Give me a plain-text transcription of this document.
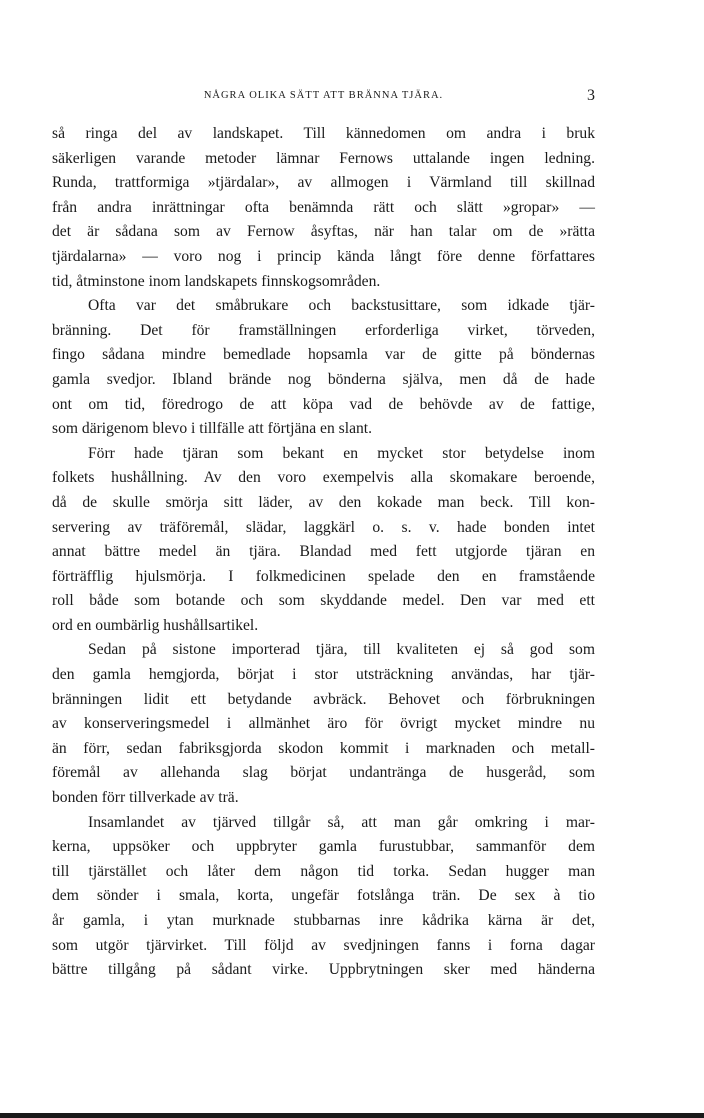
NÅGRA OLIKA SÄTT ATT BRÄNNA TJÄRA.	3
så ringa del av landskapet. Till kännedomen om andra i bruk
säkerligen varande metoder lämnar Fernows uttalande ingen ledning.
Runda, trattformiga »tjärdalar», av allmogen i Värmland till skillnad
från andra inrättningar ofta benämnda rätt och slätt »gropar» —
det är sådana som av Fernow åsyftas, när han talar om de »rätta
tjärdalarna» — voro nog i princip kända långt före denne författares
tid, åtminstone inom landskapets finnskogsområden.
Ofta var det småbrukare och backstusittare, som idkade tjär-
bränning. Det för framställningen erforderliga virket, törveden,
fingo sådana mindre bemedlade hopsamla var de gitte på böndernas
gamla svedjor. Ibland brände nog bönderna själva, men då de hade
ont om tid, föredrogo de att köpa vad de behövde av de fattige,
som därigenom blevo i tillfälle att förtjäna en slant.
Förr hade tjäran som bekant en mycket stor betydelse inom
folkets hushållning. Av den voro exempelvis alla skomakare beroende,
då de skulle smörja sitt läder, av den kokade man beck. Till kon-
servering av träföremål, slädar, laggkärl o. s. v. hade bonden intet
annat bättre medel än tjära. Blandad med fett utgjorde tjäran en
förträfflig hjulsmörja. I folkmedicinen spelade den en framstående
roll både som botande och som skyddande medel. Den var med ett
ord en oumbärlig hushållsartikel.
Sedan på sistone importerad tjära, till kvaliteten ej så god som
den gamla hemgjorda, börjat i stor utsträckning användas, har tjär-
bränningen lidit ett betydande avbräck. Behovet och förbrukningen
av konserveringsmedel i allmänhet äro för övrigt mycket mindre nu
än förr, sedan fabriksgjorda skodon kommit i marknaden och metall-
föremål av allehanda slag börjat undantränga de husgeråd, som
bonden förr tillverkade av trä.
Insamlandet av tjärved tillgår så, att man går omkring i mar-
kerna, uppsöker och uppbryter gamla furustubbar, sammanför dem
till tjärstället och låter dem någon tid torka. Sedan hugger man
dem sönder i smala, korta, ungefär fotslånga trän. De sex à tio
år gamla, i ytan murknade stubbarnas inre kådrika kärna är det,
som utgör tjärvirket. Till följd av svedjningen fanns i forna dagar
bättre tillgång på sådant virke. Uppbrytningen sker med händerna
